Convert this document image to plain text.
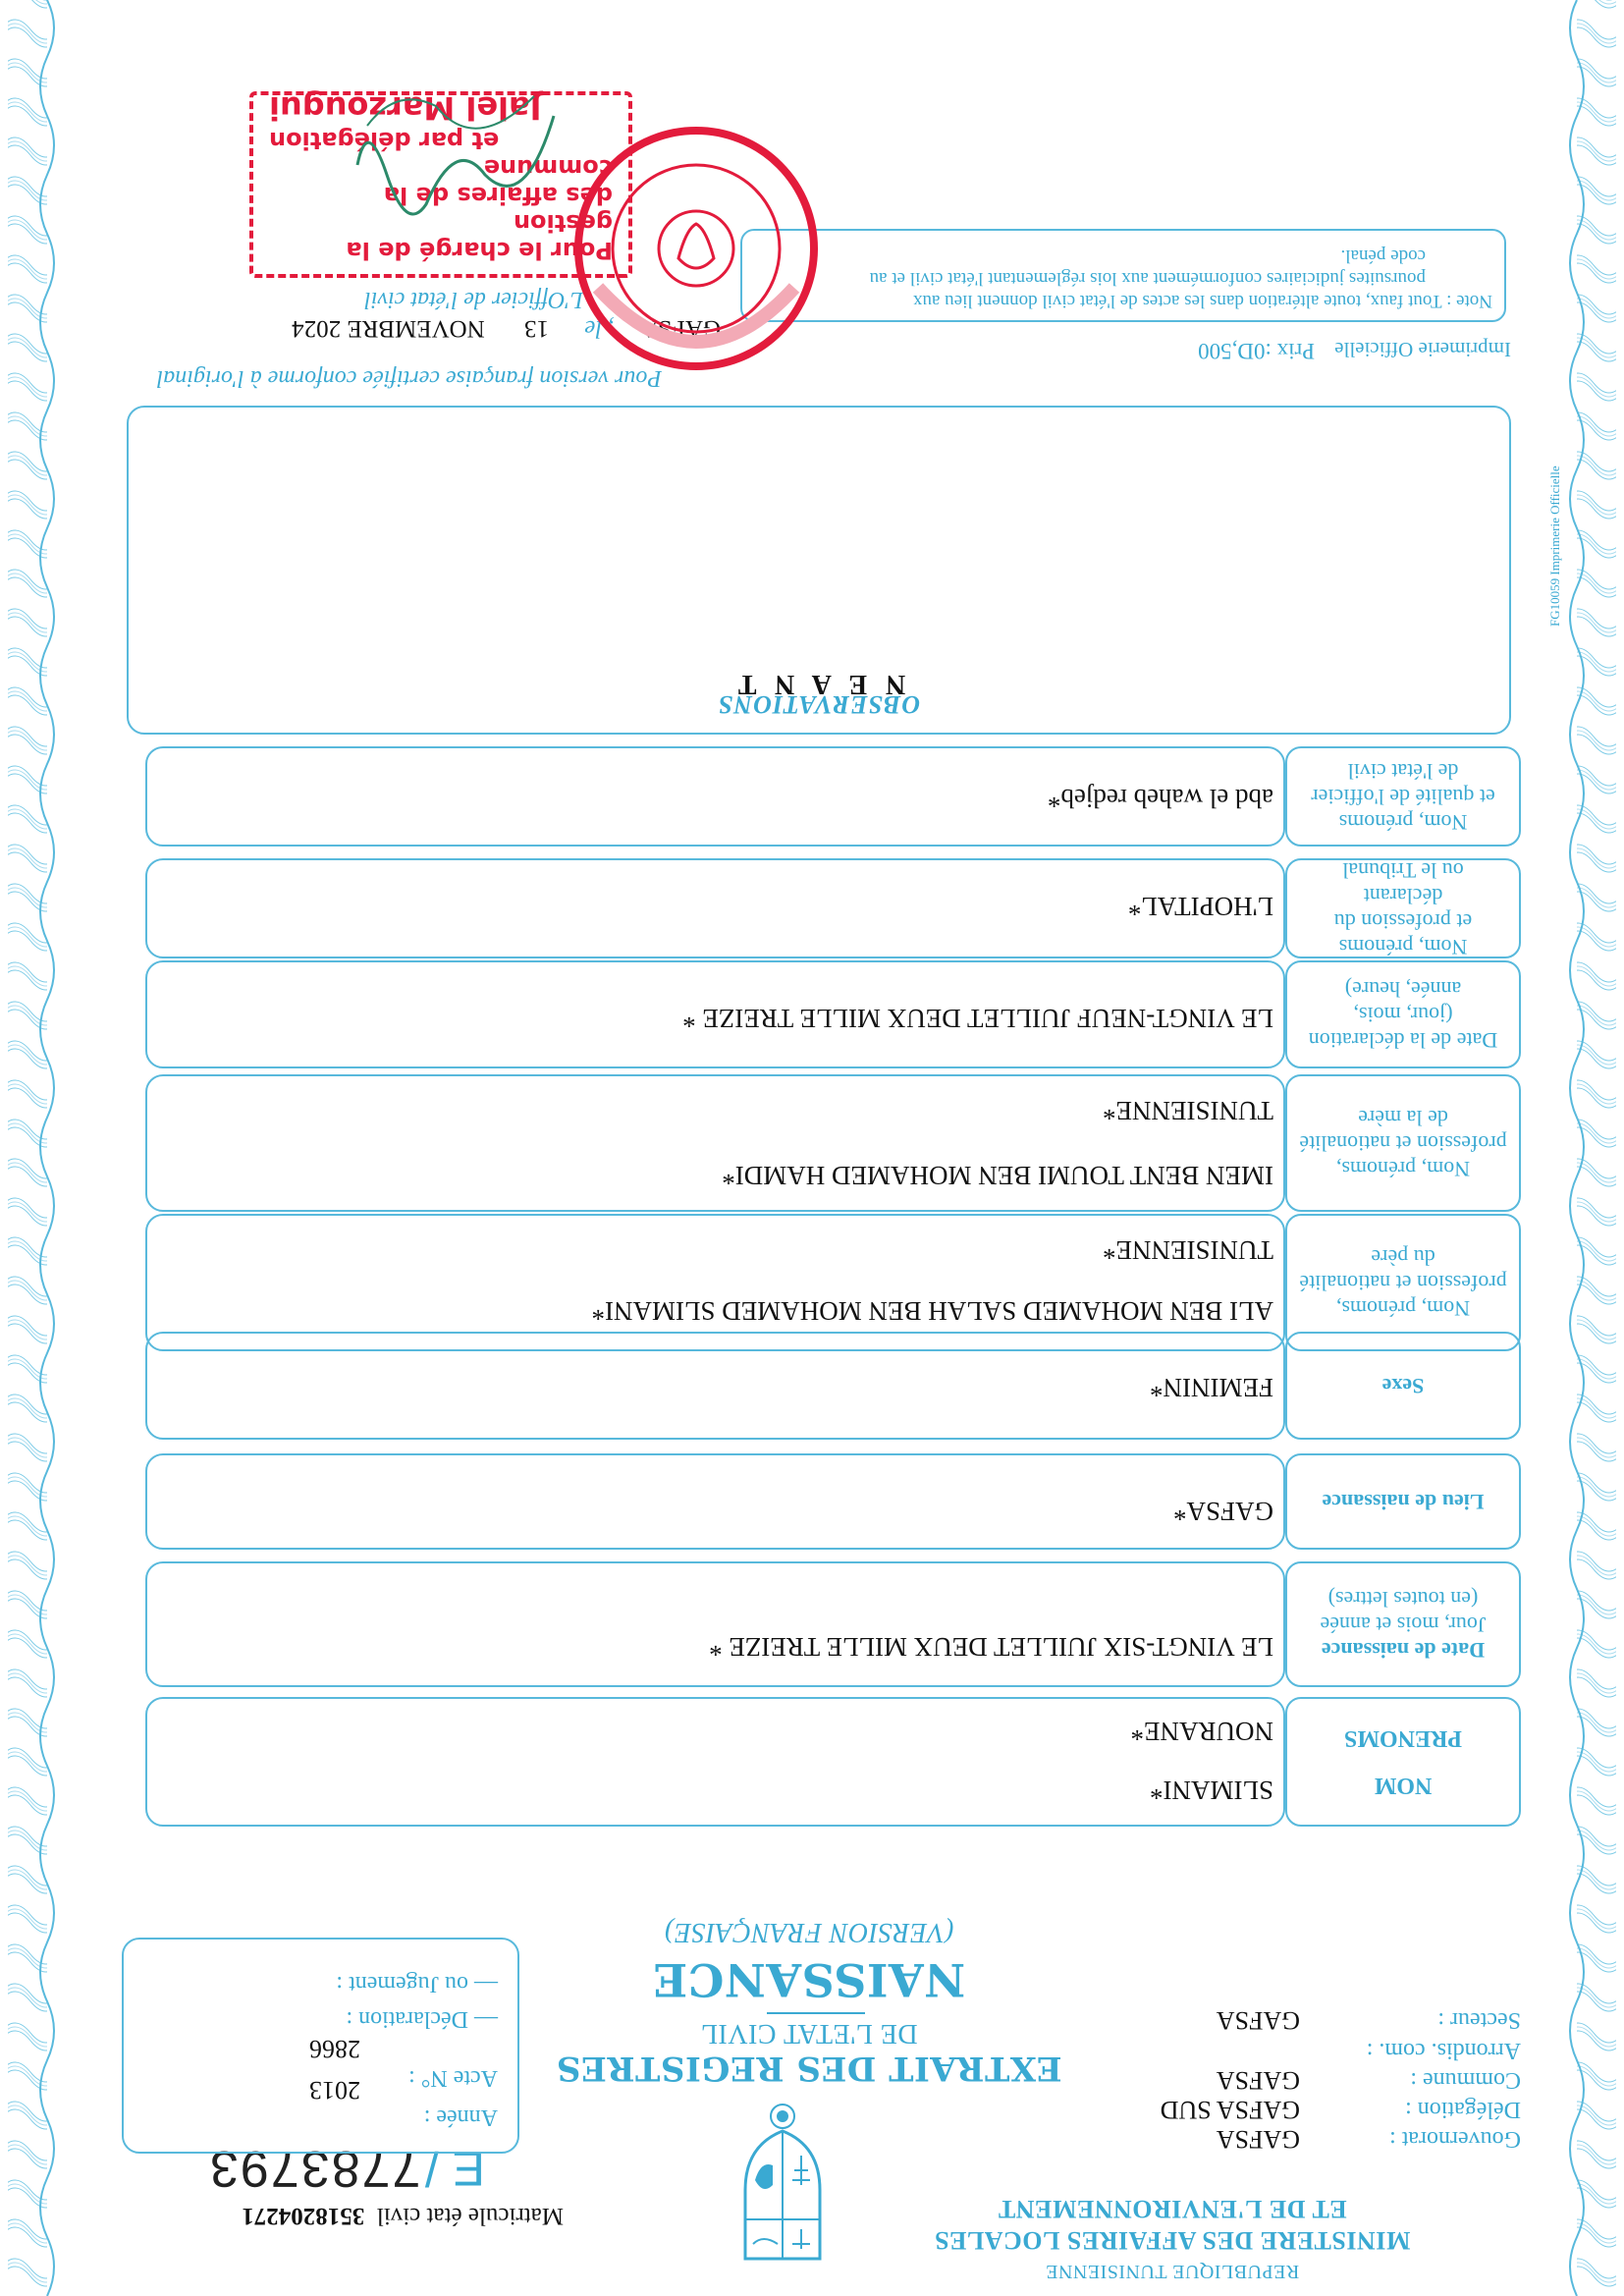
REPUBLIQUE TUNISIENNE
MINISTERE DES AFFAIRES LOCALES
ET DE L'ENVIRONNEMENT
Matricule état civil  3518204271
E / 7783793
Gouvernorat :
GAFSA
Délégation :
GAFSA SUD
Commune :
GAFSA
Arrondis. com. :
Secteur :
GAFSA
EXTRAIT DES REGISTRES
DE L'ETAT CIVIL
NAISSANCE
(VERSION FRANÇAISE)
Année :
2013 Acte N° :
2866
— Déclaration :
— ou Jugement :
NOM
PRENOMS
SLIMANI*
NOURANE*
Date de naissance
Jour, mois et année
(en toutes lettres)
LE VINGT-SIX JUILLET DEUX MILLE TREIZE *
Lieu de naissance
GAFSA*
Sexe
FEMININ*
Nom, prénoms,
profession et nationalité
du père
ALI BEN MOHAMED SALAH BEN MOHAMED SLIMANI*
TUNISIENNE*
Nom, prénoms,
profession et nationalité
de la mère
IMEN BENT TOUMI BEN MOHAMED HAMDI*
TUNISIENNE*
Date de la déclaration
(jour, mois,
année, heure)
LE VINGT-NEUF JUILLET DEUX MILLE TREIZE *
Nom, prénoms
et profession du déclarant
ou le Tribunal
L'HOPITAL*
Nom, prénoms
et qualité de l'officier
de l'état civil
abd el waheb redjeb*
OBSERVATIONS
N E A N T
Pour version française certifiée conforme à l'original
Imprimerie Officielle
Prix :0D,500
GAFSA , le 13 NOVEMBRE 2024
L'Officier de l'état civil	Note : Tout faux, toute altération dans les actes de l'état civil donnent lieu aux
poursuites judiciaires conformément aux lois réglementant l'état civil et au
code pénal.
FG10059 Imprimerie Officielle
Pour le chargé de la gestion
des affaires de la commune
et par délégation
Jalel Marzougui
